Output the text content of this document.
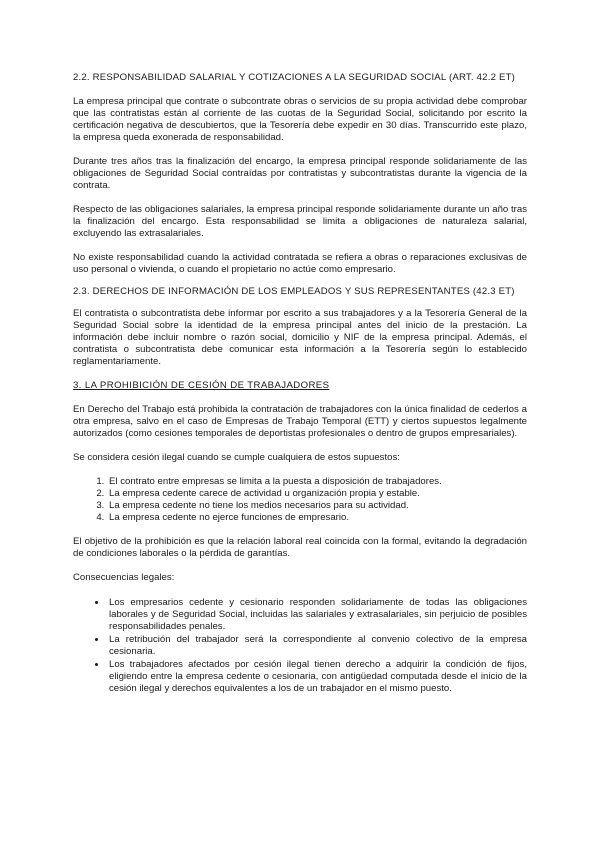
2.2. RESPONSABILIDAD SALARIAL Y COTIZACIONES A LA SEGURIDAD SOCIAL (ART. 42.2 ET)

La empresa principal que contrate o subcontrate obras o servicios de su propia actividad debe comprobar que las contratistas están al corriente de las cuotas de la Seguridad Social, solicitando por escrito la certificación negativa de descubiertos, que la Tesorería debe expedir en 30 días. Transcurrido este plazo, la empresa queda exonerada de responsabilidad.

Durante tres años tras la finalización del encargo, la empresa principal responde solidariamente de las obligaciones de Seguridad Social contraídas por contratistas y subcontratistas durante la vigencia de la contrata.

Respecto de las obligaciones salariales, la empresa principal responde solidariamente durante un año tras la finalización del encargo. Esta responsabilidad se limita a obligaciones de naturaleza salarial, excluyendo las extrasalariales.

No existe responsabilidad cuando la actividad contratada se refiera a obras o reparaciones exclusivas de uso personal o vivienda, o cuando el propietario no actúe como empresario.

2.3. DERECHOS DE INFORMACIÓN DE LOS EMPLEADOS Y SUS REPRESENTANTES (42.3 ET)

El contratista o subcontratista debe informar por escrito a sus trabajadores y a la Tesorería General de la Seguridad Social sobre la identidad de la empresa principal antes del inicio de la prestación. La información debe incluir nombre o razón social, domicilio y NIF de la empresa principal. Además, el contratista o subcontratista debe comunicar esta información a la Tesorería según lo establecido reglamentariamente.

3. LA PROHIBICIÓN DE CESIÓN DE TRABAJADORES

En Derecho del Trabajo está prohibida la contratación de trabajadores con la única finalidad de cederlos a otra empresa, salvo en el caso de Empresas de Trabajo Temporal (ETT) y ciertos supuestos legalmente autorizados (como cesiones temporales de deportistas profesionales o dentro de grupos empresariales).

Se considera cesión ilegal cuando se cumple cualquiera de estos supuestos:

1. El contrato entre empresas se limita a la puesta a disposición de trabajadores.
2. La empresa cedente carece de actividad u organización propia y estable.
3. La empresa cedente no tiene los medios necesarios para su actividad.
4. La empresa cedente no ejerce funciones de empresario.

El objetivo de la prohibición es que la relación laboral real coincida con la formal, evitando la degradación de condiciones laborales o la pérdida de garantías.

Consecuencias legales:

• Los empresarios cedente y cesionario responden solidariamente de todas las obligaciones laborales y de Seguridad Social, incluidas las salariales y extrasalariales, sin perjuicio de posibles responsabilidades penales.
• La retribución del trabajador será la correspondiente al convenio colectivo de la empresa cesionaria.
• Los trabajadores afectados por cesión ilegal tienen derecho a adquirir la condición de fijos, eligiendo entre la empresa cedente o cesionaria, con antigüedad computada desde el inicio de la cesión ilegal y derechos equivalentes a los de un trabajador en el mismo puesto.
